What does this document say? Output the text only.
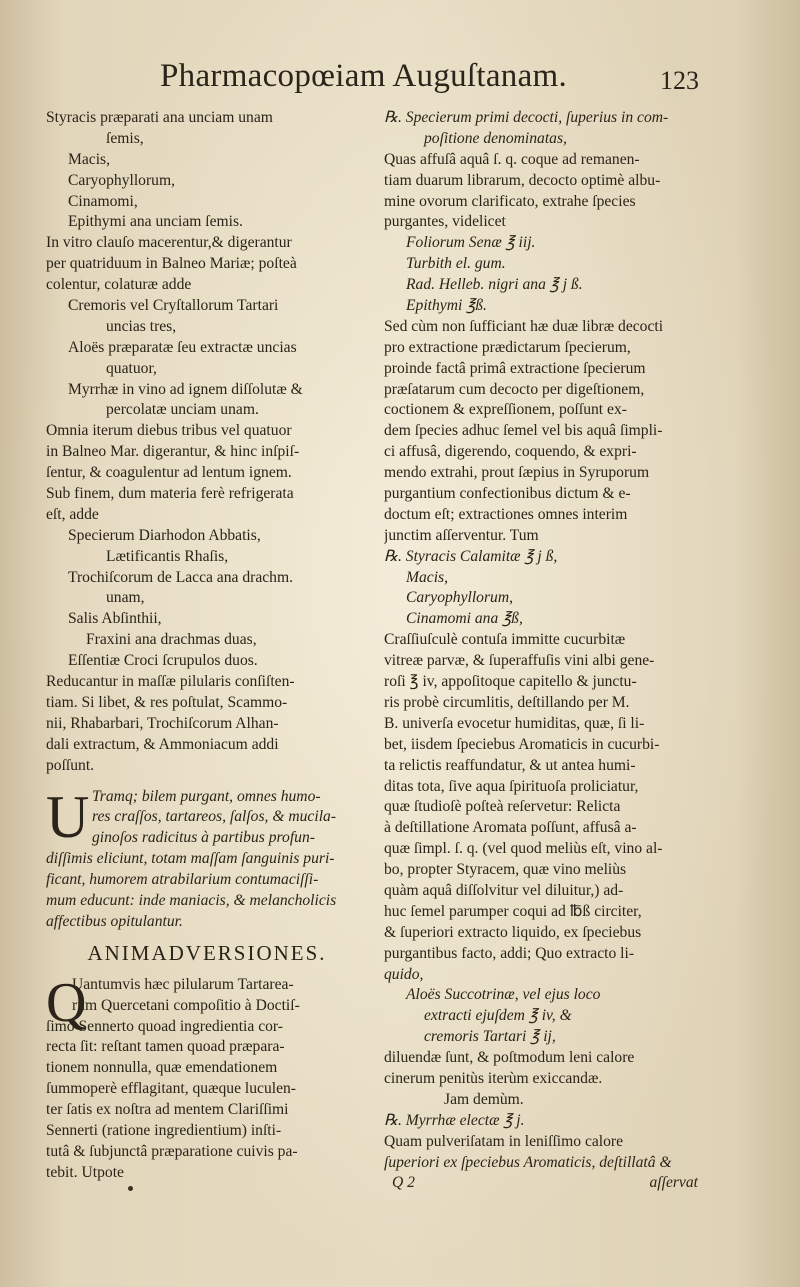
Pharmacopœiam Auguſtanam.	123
Styracis præparati ana unciam unam
ſemis,
Macis,
Caryophyllorum,
Cinamomi,
Epithymi ana unciam ſemis.
In vitro clauſo macerentur,& digerantur
per quatriduum in Balneo Mariæ; poſteà
colentur, colaturæ adde
Cremoris vel Cryſtallorum Tartari
uncias tres,
Aloës præparatæ ſeu extractæ uncias
quatuor,
Myrrhæ in vino ad ignem diſſolutæ &
percolatæ unciam unam.
Omnia iterum diebus tribus vel quatuor
in Balneo Mar. digerantur, & hinc inſpiſ-
ſentur, & coagulentur ad lentum ignem.
Sub finem, dum materia ferè refrigerata
eſt, adde
Specierum Diarhodon Abbatis,
Lætificantis Rhaſis,
Trochiſcorum de Lacca ana drachm.
unam,
Salis Abſinthii,
Fraxini ana drachmas duas,
Eſſentiæ Croci ſcrupulos duos.
Reducantur in maſſæ pilularis conſiſten-
tiam. Si libet, & res poſtulat, Scammo-
nii, Rhabarbari, Trochiſcorum Alhan-
dali extractum, & Ammoniacum addi
poſſunt.
U Tramq; bilem purgant, omnes humo-
res craſſos, tartareos, ſalſos, & mucila-
ginoſos radicitus à partibus profun-
diſſimis eliciunt, totam maſſam ſanguinis puri-
ficant, humorem atrabilarium contumaciſſi-
mum educunt: inde maniacis, & melancholicis
affectibus opitulantur.
ANIMADVERSIONES.
Q
Uantumvis hæc pilularum Tartarea-
rum Quercetani compoſitio à Doctiſ-
ſimo Sennerto quoad ingredientia cor-
recta ſit: reſtant tamen quoad præpara-
tionem nonnulla, quæ emendationem
ſummoperè efflagitant, quæque luculen-
ter ſatis ex noſtra ad mentem Clariſſimi
Sennerti (ratione ingredientium) inſti-
tutâ & ſubjunctâ præparatione cuivis pa-
tebit. Utpote
℞. Specierum primi decocti, ſuperius in com-
poſitione denominatas,
Quas affuſâ aquâ ſ. q. coque ad remanen-
tiam duarum librarum, decocto optimè albu-
mine ovorum clarificato, extrahe ſpecies
purgantes, videlicet
Foliorum Senæ ℥ iij.
Turbith el. gum.
Rad. Helleb. nigri ana ℥ j ß.
Epithymi ℥ß.
Sed cùm non ſufficiant hæ duæ libræ decocti
pro extractione prædictarum ſpecierum,
proinde factâ primâ extractione ſpecierum
præſatarum cum decocto per digeſtionem,
coctionem & expreſſionem, poſſunt ex-
dem ſpecies adhuc ſemel vel bis aquâ ſimpli-
ci affusâ, digerendo, coquendo, & expri-
mendo extrahi, prout ſæpius in Syruporum
purgantium confectionibus dictum & e-
doctum eſt; extractiones omnes interim
junctim aſſerventur. Tum
℞. Styracis Calamitæ ℥ j ß,
Macis,
Caryophyllorum,
Cinamomi ana ℥ß,
Craſſiuſculè contuſa immitte cucurbitæ
vitreæ parvæ, & ſuperaffuſis vini albi gene-
roſi ℥ iv, appoſitoque capitello & junctu-
ris probè circumlitis, deſtillando per M.
B. univerſa evocetur humiditas, quæ, ſi li-
bet, iisdem ſpeciebus Aromaticis in cucurbi-
ta relictis reaffundatur, & ut antea humi-
ditas tota, ſive aqua ſpirituoſa proliciatur,
quæ ſtudioſè poſteà reſervetur: Relicta
à deſtillatione Aromata poſſunt, affusâ a-
quæ ſimpl. ſ. q. (vel quod meliùs eſt, vino al-
bo, propter Styracem, quæ vino meliùs
quàm aquâ diſſolvitur vel diluitur,) ad-
huc ſemel parumper coqui ad ℔ß circiter,
& ſuperiori extracto liquido, ex ſpeciebus
purgantibus facto, addi; Quo extracto li-
quido,
Aloës Succotrinæ, vel ejus loco
extracti ejuſdem ℥ iv, &
cremoris Tartari ℥ ij,
diluendæ ſunt, & poſtmodum leni calore
cinerum penitùs iterùm exiccandæ.
Jam demùm.
℞. Myrrhæ electæ ℥ j.
Quam pulveriſatam in leniſſimo calore
ſuperiori ex ſpeciebus Aromaticis, deſtillatâ &
Q 2	aſſervat
